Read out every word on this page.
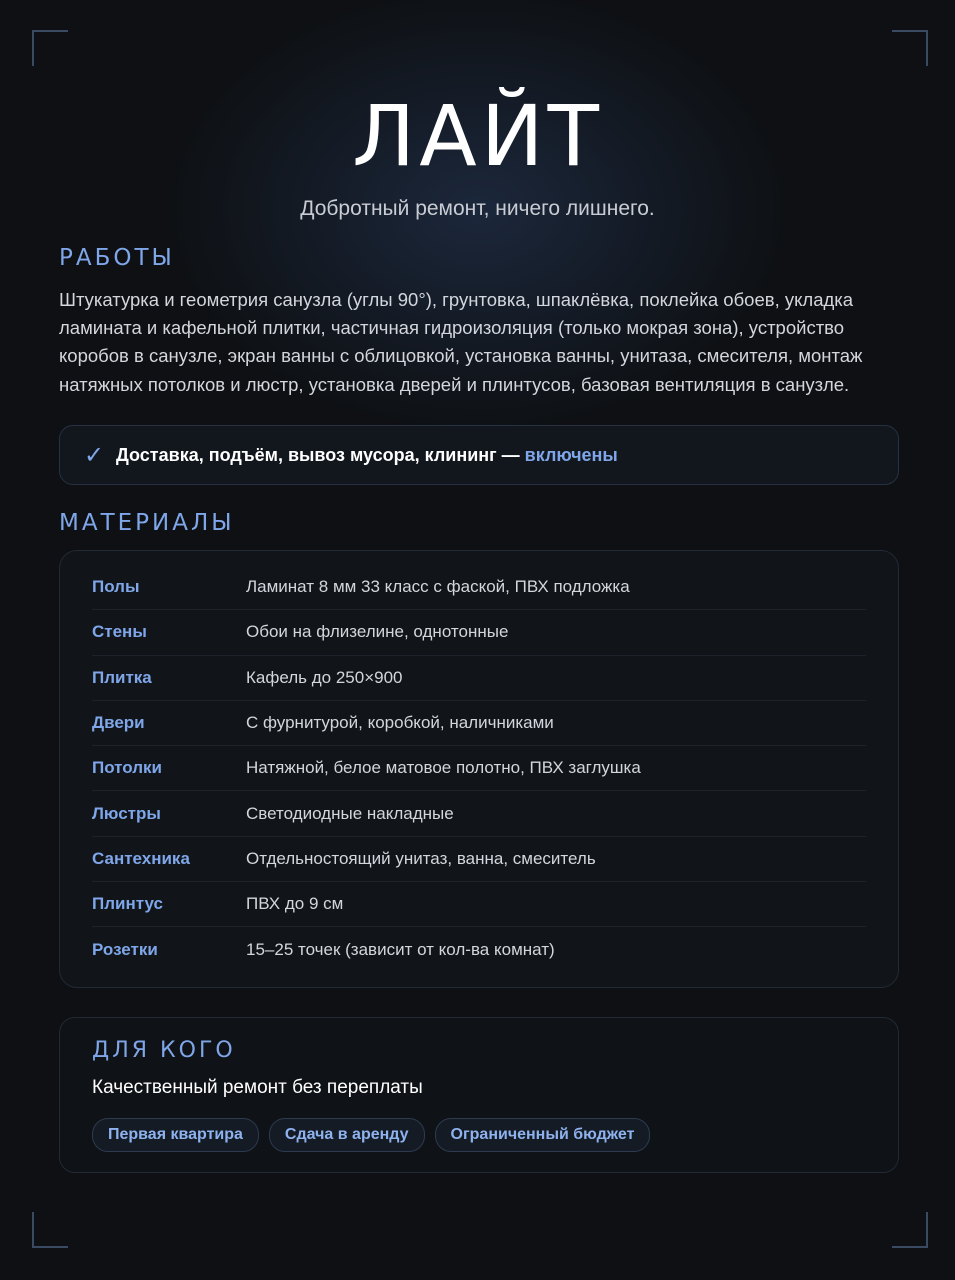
ЛАЙТ
Добротный ремонт, ничего лишнего.
РАБОТЫ
Штукатурка и геометрия санузла (углы 90°), грунтовка, шпаклёвка, поклейка обоев, укладка ламината и кафельной плитки, частичная гидроизоляция (только мокрая зона), устройство коробов в санузле, экран ванны с облицовкой, установка ванны, унитаза, смесителя, монтаж натяжных потолков и люстр, установка дверей и плинтусов, базовая вентиляция в санузле.
✓ Доставка, подъём, вывоз мусора, клининг — включены
МАТЕРИАЛЫ
Полы	Ламинат 8 мм 33 класс с фаской, ПВХ подложка
Стены	Обои на флизелине, однотонные
Плитка	Кафель до 250×900
Двери	С фурнитурой, коробкой, наличниками
Потолки	Натяжной, белое матовое полотно, ПВХ заглушка
Люстры	Светодиодные накладные
Сантехника	Отдельностоящий унитаз, ванна, смеситель
Плинтус	ПВХ до 9 см
Розетки	15–25 точек (зависит от кол-ва комнат)
ДЛЯ КОГО
Качественный ремонт без переплаты
Первая квартира	Сдача в аренду	Ограниченный бюджет
